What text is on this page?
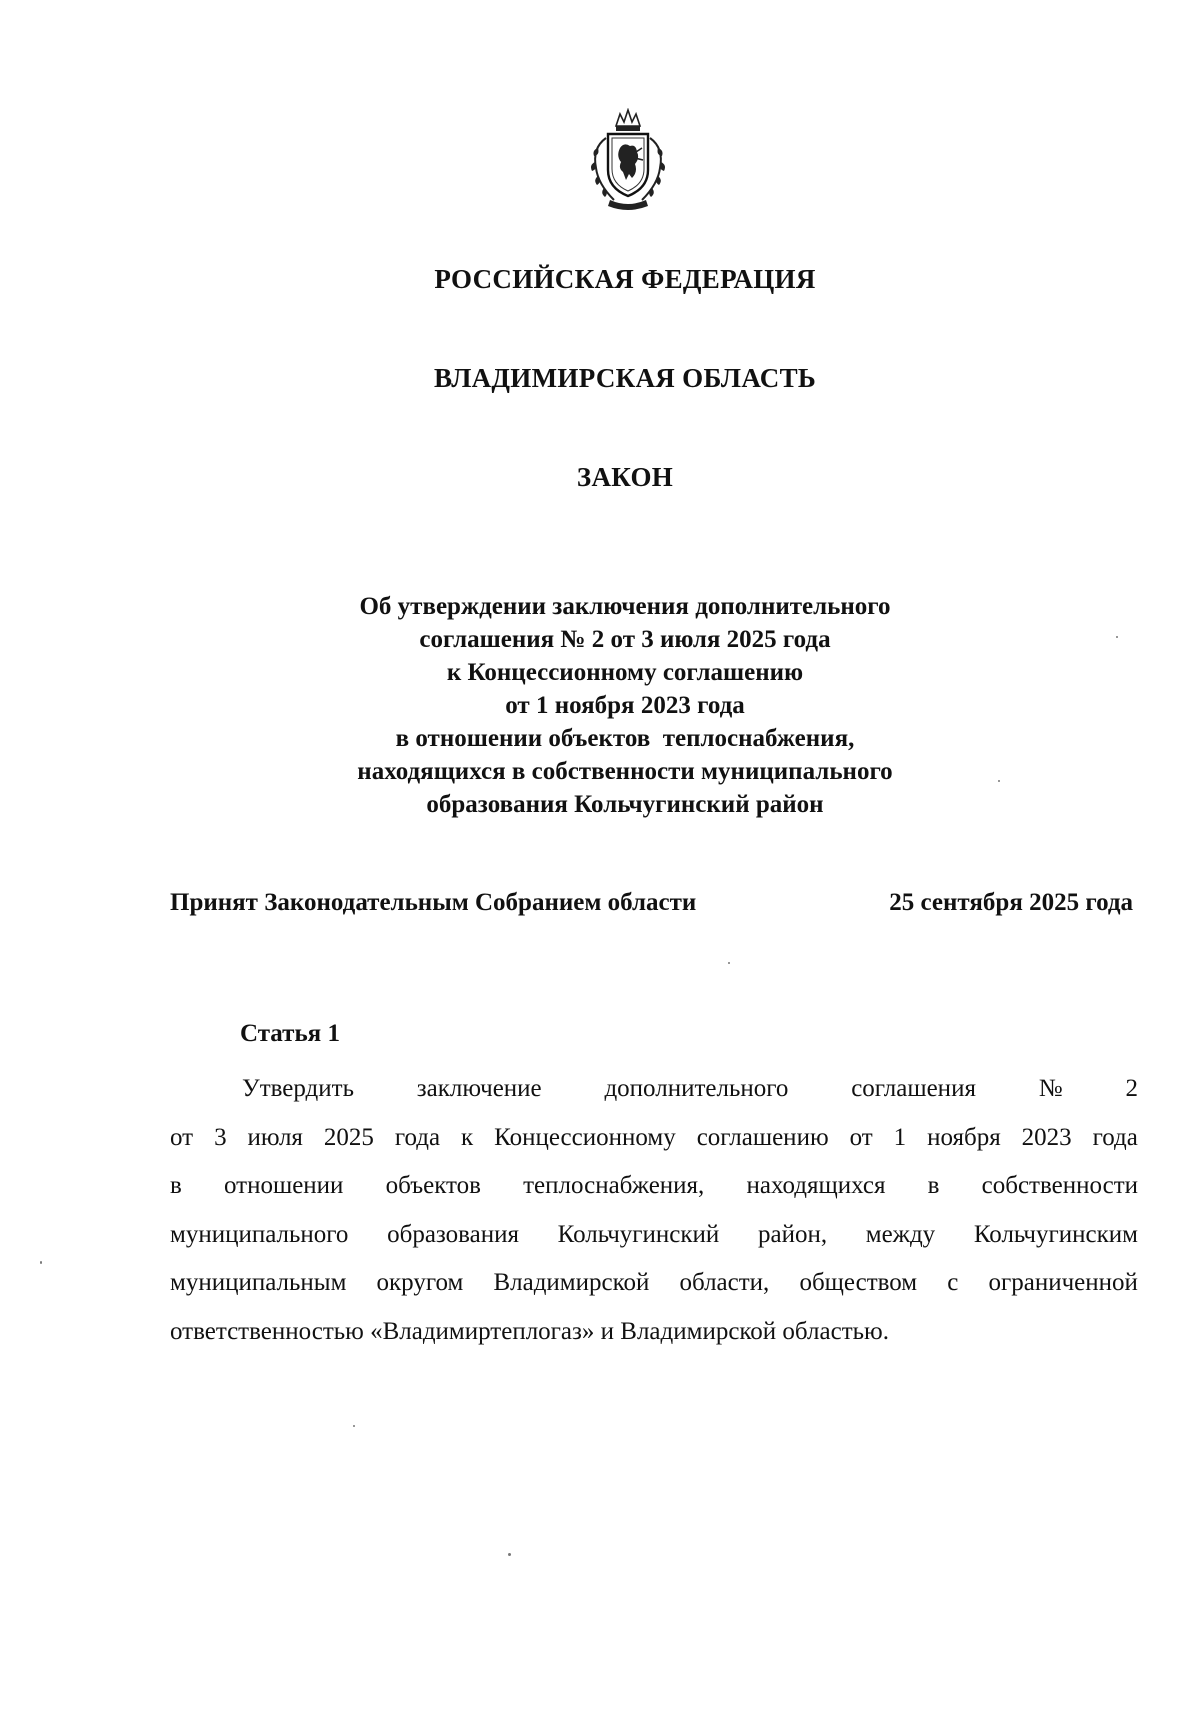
РОССИЙСКАЯ ФЕДЕРАЦИЯ
ВЛАДИМИРСКАЯ ОБЛАСТЬ
ЗАКОН
Об утверждении заключения дополнительного
соглашения № 2 от 3 июля 2025 года
к Концессионному соглашению
от 1 ноября 2023 года
в отношении объектов  теплоснабжения,
находящихся в собственности муниципального
образования Кольчугинский район
Принят Законодательным Собранием области	25 сентября 2025 года
Статья 1
Утвердить	заключение	дополнительного	соглашения	№	2
от 3 июля 2025 года к Концессионному соглашению от 1 ноября 2023 года
в отношении объектов теплоснабжения, находящихся в собственности
муниципального образования Кольчугинский район, между Кольчугинским
муниципальным округом Владимирской области, обществом с ограниченной
ответственностью «Владимиртеплогаз» и Владимирской областью.
